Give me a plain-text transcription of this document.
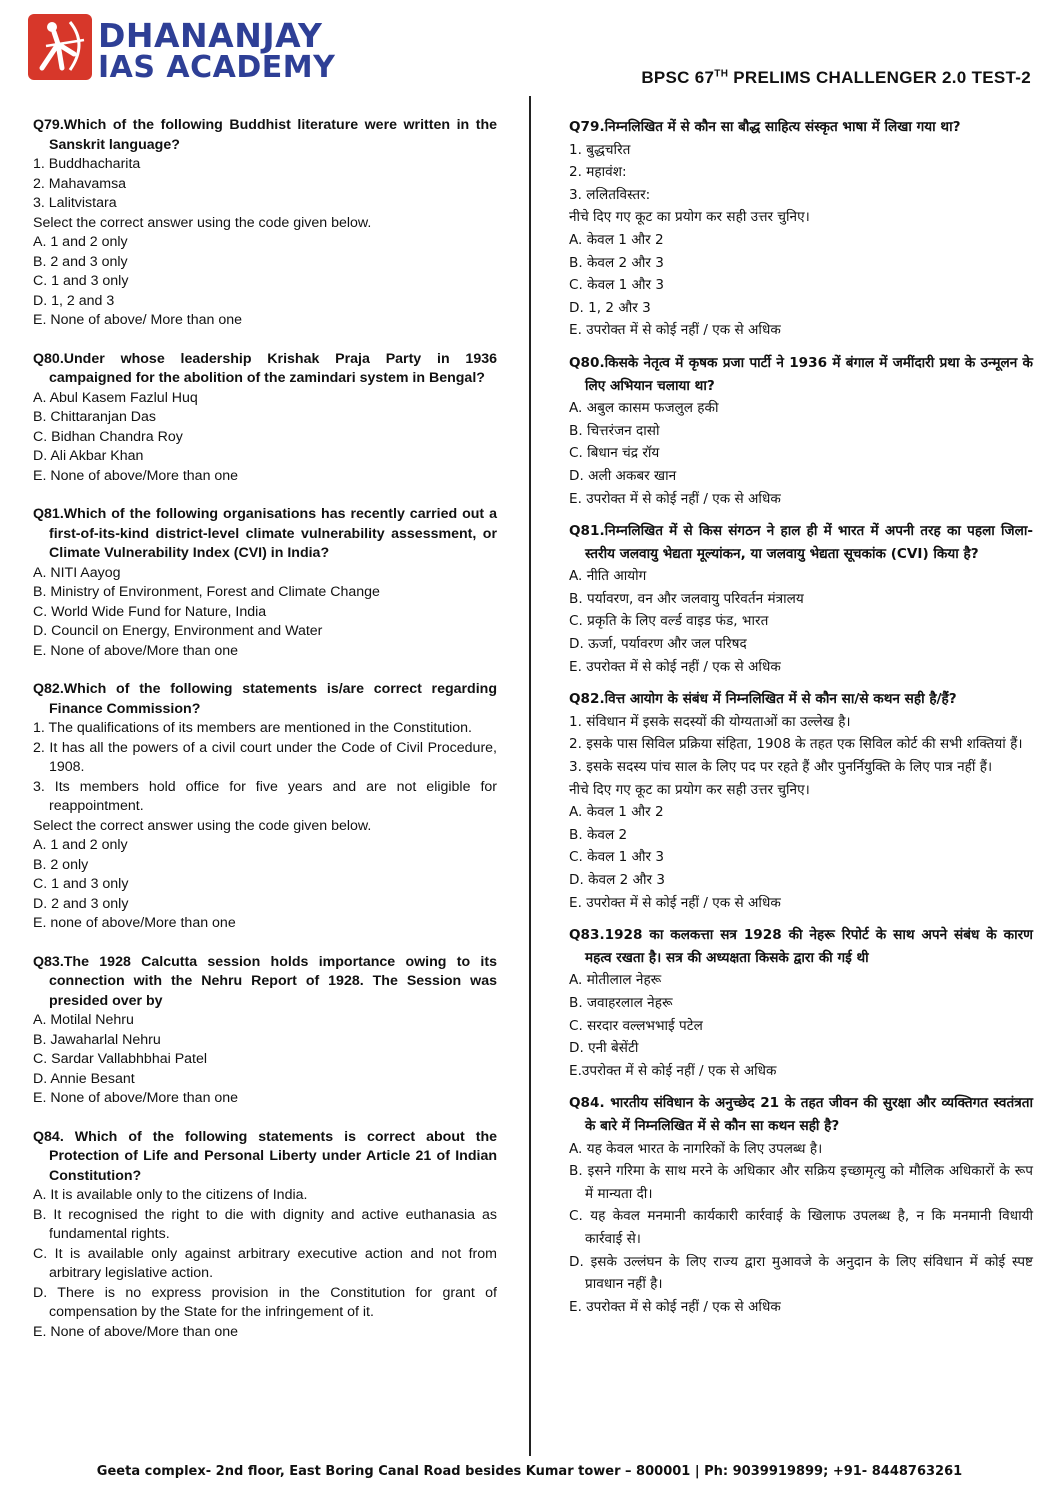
DHANANJAY
IAS ACADEMY	BPSC 67TH PRELIMS CHALLENGER 2.0 TEST-2
Q79.Which of the following Buddhist literature were written in the Sanskrit language?
1. Buddhacharita
2. Mahavamsa
3. Lalitvistara
Select the correct answer using the code given below.
A. 1 and 2 only
B. 2 and 3 only
C. 1 and 3 only
D. 1, 2 and 3
E. None of above/ More than one
Q80.Under whose leadership Krishak Praja Party in 1936 campaigned for the abolition of the zamindari system in Bengal?
A. Abul Kasem Fazlul Huq
B. Chittaranjan Das
C. Bidhan Chandra Roy
D. Ali Akbar Khan
E. None of above/More than one
Q81.Which of the following organisations has recently carried out a first-of-its-kind district-level climate vulnerability assessment, or Climate Vulnerability Index (CVI) in India?
A. NITI Aayog
B. Ministry of Environment, Forest and Climate Change
C. World Wide Fund for Nature, India
D. Council on Energy, Environment and Water
E. None of above/More than one
Q82.Which of the following statements is/are correct regarding Finance Commission?
1. The qualifications of its members are mentioned in the Constitution.
2. It has all the powers of a civil court under the Code of Civil Procedure, 1908.
3. Its members hold office for five years and are not eligible for reappointment.
Select the correct answer using the code given below.
A. 1 and 2 only
B. 2 only
C. 1 and 3 only
D. 2 and 3 only
E. none of above/More than one
Q83.The 1928 Calcutta session holds importance owing to its connection with the Nehru Report of 1928. The Session was presided over by
A. Motilal Nehru
B. Jawaharlal Nehru
C. Sardar Vallabhbhai Patel
D. Annie Besant
E. None of above/More than one
Q84. Which of the following statements is correct about the Protection of Life and Personal Liberty under Article 21 of Indian Constitution?
A. It is available only to the citizens of India.
B. It recognised the right to die with dignity and active euthanasia as fundamental rights.
C. It is available only against arbitrary executive action and not from arbitrary legislative action.
D. There is no express provision in the Constitution for grant of compensation by the State for the infringement of it.
E. None of above/More than one
Q79.निम्नलिखित में से कौन सा बौद्ध साहित्य संस्कृत भाषा में लिखा गया था?
1. बुद्धचरित
2. महावंश:
3. ललितविस्तर:
नीचे दिए गए कूट का प्रयोग कर सही उत्तर चुनिए।
A. केवल 1 और 2
B. केवल 2 और 3
C. केवल 1 और 3
D. 1, 2 और 3
E. उपरोक्त में से कोई नहीं / एक से अधिक
Q80.किसके नेतृत्व में कृषक प्रजा पार्टी ने 1936 में बंगाल में जमींदारी प्रथा के उन्मूलन के लिए अभियान चलाया था?
A. अबुल कासम फजलुल हकी
B. चित्तरंजन दासो
C. बिधान चंद्र रॉय
D. अली अकबर खान
E. उपरोक्त में से कोई नहीं / एक से अधिक
Q81.निम्नलिखित में से किस संगठन ने हाल ही में भारत में अपनी तरह का पहला जिला-स्तरीय जलवायु भेद्यता मूल्यांकन, या जलवायु भेद्यता सूचकांक (CVI) किया है?
A. नीति आयोग
B. पर्यावरण, वन और जलवायु परिवर्तन मंत्रालय
C. प्रकृति के लिए वर्ल्ड वाइड फंड, भारत
D. ऊर्जा, पर्यावरण और जल परिषद
E. उपरोक्त में से कोई नहीं / एक से अधिक
Q82.वित्त आयोग के संबंध में निम्नलिखित में से कौन सा/से कथन सही है/हैं?
1. संविधान में इसके सदस्यों की योग्यताओं का उल्लेख है।
2. इसके पास सिविल प्रक्रिया संहिता, 1908 के तहत एक सिविल कोर्ट की सभी शक्तियां हैं।
3. इसके सदस्य पांच साल के लिए पद पर रहते हैं और पुनर्नियुक्ति के लिए पात्र नहीं हैं।
नीचे दिए गए कूट का प्रयोग कर सही उत्तर चुनिए।
A. केवल 1 और 2
B. केवल 2
C. केवल 1 और 3
D. केवल 2 और 3
E. उपरोक्त में से कोई नहीं / एक से अधिक
Q83.1928 का कलकत्ता सत्र 1928 की नेहरू रिपोर्ट के साथ अपने संबंध के कारण महत्व रखता है। सत्र की अध्यक्षता किसके द्वारा की गई थी
A. मोतीलाल नेहरू
B. जवाहरलाल नेहरू
C. सरदार वल्लभभाई पटेल
D. एनी बेसेंटी
E.उपरोक्त में से कोई नहीं / एक से अधिक
Q84. भारतीय संविधान के अनुच्छेद 21 के तहत जीवन की सुरक्षा और व्यक्तिगत स्वतंत्रता के बारे में निम्नलिखित में से कौन सा कथन सही है?
A. यह केवल भारत के नागरिकों के लिए उपलब्ध है।
B. इसने गरिमा के साथ मरने के अधिकार और सक्रिय इच्छामृत्यु को मौलिक अधिकारों के रूप में मान्यता दी।
C. यह केवल मनमानी कार्यकारी कार्रवाई के खिलाफ उपलब्ध है, न कि मनमानी विधायी कार्रवाई से।
D. इसके उल्लंघन के लिए राज्य द्वारा मुआवजे के अनुदान के लिए संविधान में कोई स्पष्ट प्रावधान नहीं है।
E. उपरोक्त में से कोई नहीं / एक से अधिक
Geeta complex- 2nd floor, East Boring Canal Road besides Kumar tower – 800001 | Ph: 9039919899; +91- 8448763261
